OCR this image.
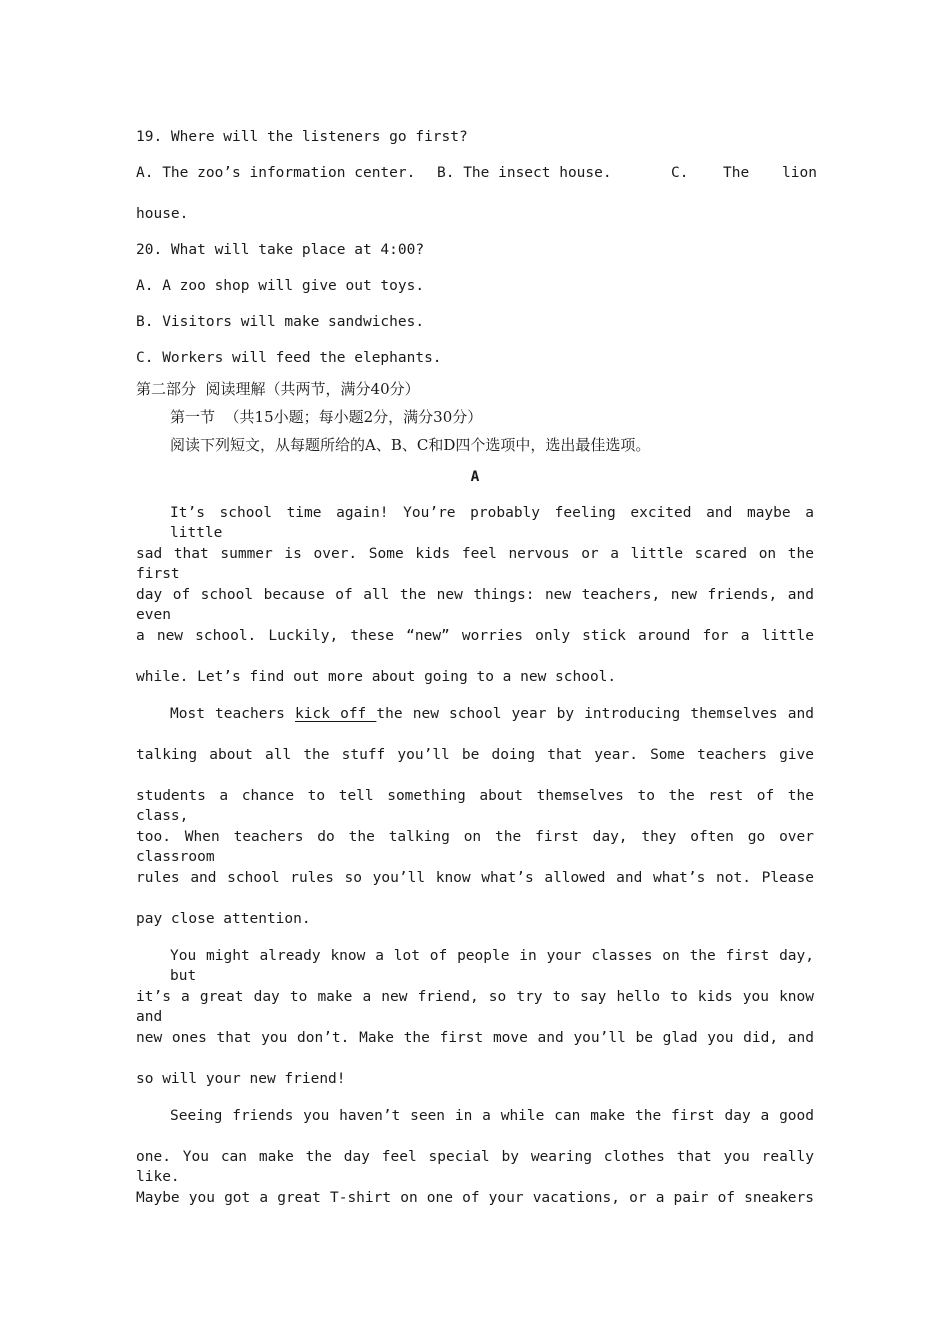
19. Where will the listeners go first?

A. The zoo’s information center.

B. The insect house.

	C.

The

lion

house.
20. What will take place at 4:00?
A. A zoo shop will give out toys.
B. Visitors will make sandwiches.
C. Workers will feed the elephants.
第二部分  阅读理解（共两节，满分40分）
第一节  （共15小题；每小题2分，满分30分）
阅读下列短文，从每题所给的A、B、C和D四个选项中，选出最佳选项。
A
It’s school time again! You’re probably feeling excited and maybe a little
sad that summer is over. Some kids feel nervous or a little scared on the first
day of school because of all the new things: new teachers, new friends, and even
a new school. Luckily, these “new” worries only stick around for a little
while. Let’s find out more about going to a new school.
Most teachers kick off the new school year by introducing themselves and
talking about all the stuff you’ll be doing that year. Some teachers give
students a chance to tell something about themselves to the rest of the class,
too. When teachers do the talking on the first day, they often go over classroom
rules and school rules so you’ll know what’s allowed and what’s not. Please
pay close attention.
You might already know a lot of people in your classes on the first day, but
it’s a great day to make a new friend, so try to say hello to kids you know and
new ones that you don’t. Make the first move and you’ll be glad you did, and
so will your new friend!
Seeing friends you haven’t seen in a while can make the first day a good
one. You can make the day feel special by wearing clothes that you really like.
Maybe you got a great T-shirt on one of your vacations, or a pair of sneakers
